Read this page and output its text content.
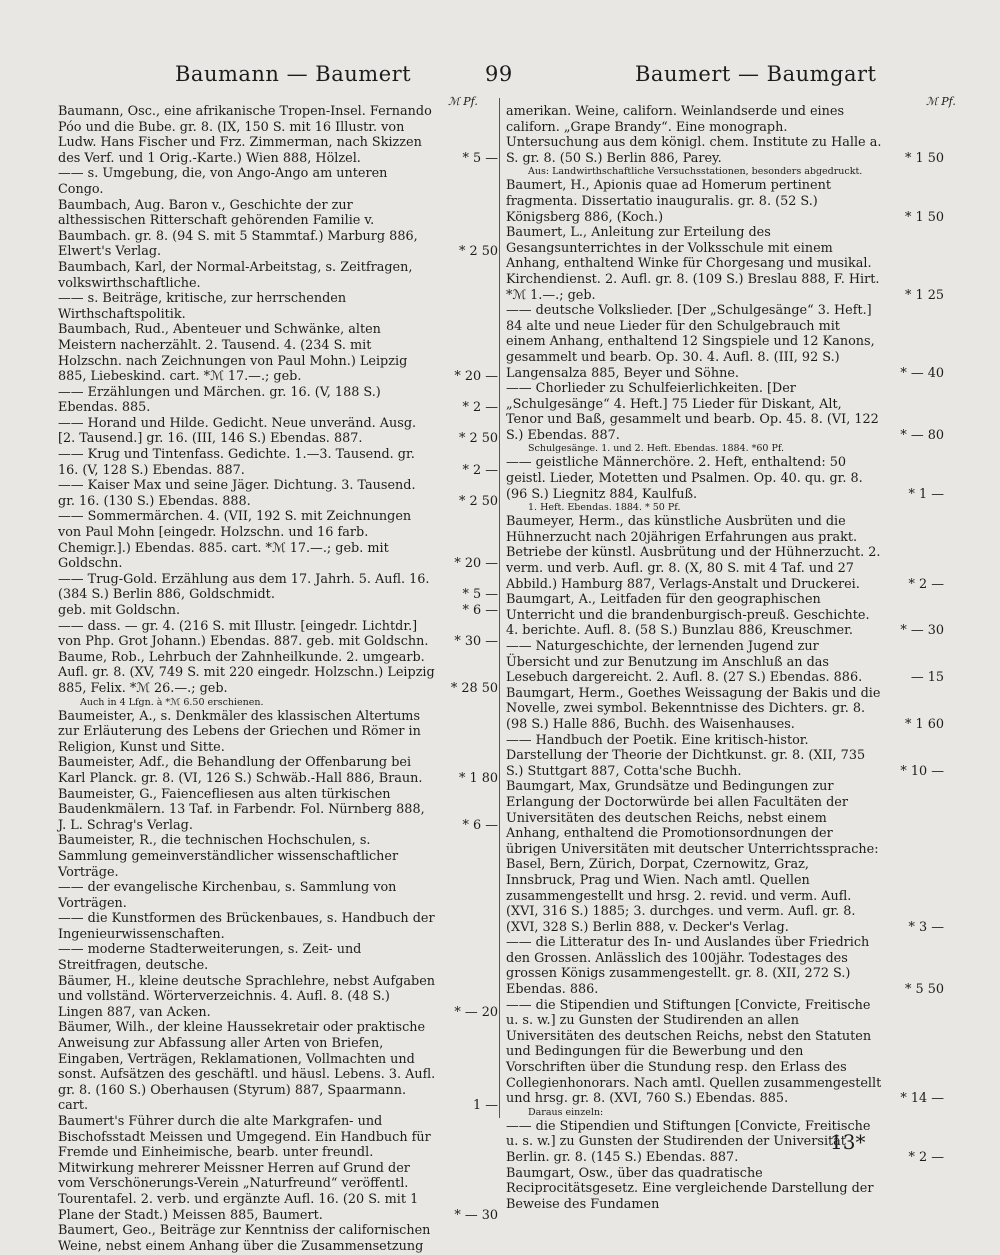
Baumann — Baumert	99	Baumert — Baumgart
ℳ Pf.	ℳ Pf.
Baumann, Osc., eine afrikanische Tropen-Insel. Fernando Póo und die Bube. gr. 8. (IX, 150 S. mit 16 Illustr. von Ludw. Hans Fischer und Frz. Zimmerman, nach Skizzen des Verf. und 1 Orig.-Karte.) Wien 888, Hölzel.	* 5 —
—— s. Umgebung, die, von Ango-Ango am unteren Congo.
Baumbach, Aug. Baron v., Geschichte der zur althessischen Ritterschaft gehörenden Familie v. Baumbach. gr. 8. (94 S. mit 5 Stammtaf.) Marburg 886, Elwert's Verlag.	* 2 50
Baumbach, Karl, der Normal-Arbeitstag, s. Zeitfragen, volkswirthschaftliche.
—— s. Beiträge, kritische, zur herrschenden Wirthschaftspolitik.
Baumbach, Rud., Abenteuer und Schwänke, alten Meistern nacherzählt. 2. Tausend. 4. (234 S. mit Holzschn. nach Zeichnungen von Paul Mohn.) Leipzig 885, Liebeskind. cart. *ℳ 17.—.; geb.	* 20 —
—— Erzählungen und Märchen. gr. 16. (V, 188 S.) Ebendas. 885.	* 2 —
—— Horand und Hilde. Gedicht. Neue unveränd. Ausg. [2. Tausend.] gr. 16. (III, 146 S.) Ebendas. 887.	* 2 50
—— Krug und Tintenfass. Gedichte. 1.—3. Tausend. gr. 16. (V, 128 S.) Ebendas. 887.	* 2 —
—— Kaiser Max und seine Jäger. Dichtung. 3. Tausend. gr. 16. (130 S.) Ebendas. 888.	* 2 50
—— Sommermärchen. 4. (VII, 192 S. mit Zeichnungen von Paul Mohn [eingedr. Holzschn. und 16 farb. Chemigr.].) Ebendas. 885. cart. *ℳ 17.—.; geb. mit Goldschn.	* 20 —
—— Trug-Gold. Erzählung aus dem 17. Jahrh. 5. Aufl. 16. (384 S.) Berlin 886, Goldschmidt.	* 5 —
geb. mit Goldschn.	* 6 —
—— dass. — gr. 4. (216 S. mit Illustr. [eingedr. Lichtdr.] von Php. Grot Johann.) Ebendas. 887. geb. mit Goldschn.	* 30 —
Baume, Rob., Lehrbuch der Zahnheilkunde. 2. umgearb. Aufl. gr. 8. (XV, 749 S. mit 220 eingedr. Holzschn.) Leipzig 885, Felix. *ℳ 26.—.; geb.	* 28 50

Auch in 4 Lfgn. à *ℳ 6.50 erschienen.

Baumeister, A., s. Denkmäler des klassischen Altertums zur Erläuterung des Lebens der Griechen und Römer in Religion, Kunst und Sitte.
Baumeister, Adf., die Behandlung der Offenbarung bei Karl Planck. gr. 8. (VI, 126 S.) Schwäb.-Hall 886, Braun.	* 1 80
Baumeister, G., Faiencefliesen aus alten türkischen Baudenkmälern. 13 Taf. in Farbendr. Fol. Nürnberg 888, J. L. Schrag's Verlag.	* 6 —
Baumeister, R., die technischen Hochschulen, s. Sammlung gemeinverständlicher wissenschaftlicher Vorträge.
—— der evangelische Kirchenbau, s. Sammlung von Vorträgen.
—— die Kunstformen des Brückenbaues, s. Handbuch der Ingenieurwissenschaften.
—— moderne Stadterweiterungen, s. Zeit- und Streitfragen, deutsche.
Bäumer, H., kleine deutsche Sprachlehre, nebst Aufgaben und vollständ. Wörterverzeichnis. 4. Aufl. 8. (48 S.) Lingen 887, van Acken.	* — 20
Bäumer, Wilh., der kleine Haussekretair oder praktische Anweisung zur Abfassung aller Arten von Briefen, Eingaben, Verträgen, Reklamationen, Vollmachten und sonst. Aufsätzen des geschäftl. und häusl. Lebens. 3. Aufl. gr. 8. (160 S.) Oberhausen (Styrum) 887, Spaarmann. cart.	1 —
Baumert's Führer durch die alte Markgrafen- und Bischofsstadt Meissen und Umgegend. Ein Handbuch für Fremde und Einheimische, bearb. unter freundl. Mitwirkung mehrerer Meissner Herren auf Grund der vom Verschönerungs-Verein „Naturfreund“ veröffentl. Tourentafel. 2. verb. und ergänzte Aufl. 16. (20 S. mit 1 Plane der Stadt.) Meissen 885, Baumert.	* — 30
Baumert, Geo., Beiträge zur Kenntniss der californischen Weine, nebst einem Anhang über die Zusammensetzung
amerikan. Weine, californ. Weinlandserde und eines californ. „Grape Brandy“. Eine monograph. Untersuchung aus dem königl. chem. Institute zu Halle a. S. gr. 8. (50 S.) Berlin 886, Parey.	* 1 50

Aus: Landwirthschaftliche Versuchsstationen, besonders abgedruckt.

Baumert, H., Apionis quae ad Homerum pertinent fragmenta. Dissertatio inauguralis. gr. 8. (52 S.) Königsberg 886, (Koch.)	* 1 50
Baumert, L., Anleitung zur Erteilung des Gesangsunterrichtes in der Volksschule mit einem Anhang, enthaltend Winke für Chorgesang und musikal. Kirchendienst. 2. Aufl. gr. 8. (109 S.) Breslau 888, F. Hirt. *ℳ 1.—.; geb.	* 1 25
—— deutsche Volkslieder. [Der „Schulgesänge“ 3. Heft.] 84 alte und neue Lieder für den Schulgebrauch mit einem Anhang, enthaltend 12 Singspiele und 12 Kanons, gesammelt und bearb. Op. 30. 4. Aufl. 8. (III, 92 S.) Langensalza 885, Beyer und Söhne.	* — 40
—— Chorlieder zu Schulfeierlichkeiten. [Der „Schulgesänge“ 4. Heft.] 75 Lieder für Diskant, Alt, Tenor und Baß, gesammelt und bearb. Op. 45. 8. (VI, 122 S.) Ebendas. 887.	* — 80

Schulgesänge. 1. und 2. Heft. Ebendas. 1884. *60 Pf.

—— geistliche Männerchöre. 2. Heft, enthaltend: 50 geistl. Lieder, Motetten und Psalmen. Op. 40. qu. gr. 8. (96 S.) Liegnitz 884, Kaulfuß.	* 1 —

1. Heft. Ebendas. 1884. * 50 Pf.

Baumeyer, Herm., das künstliche Ausbrüten und die Hühnerzucht nach 20jährigen Erfahrungen aus prakt. Betriebe der künstl. Ausbrütung und der Hühnerzucht. 2. verm. und verb. Aufl. gr. 8. (X, 80 S. mit 4 Taf. und 27 Abbild.) Hamburg 887, Verlags-Anstalt und Druckerei.	* 2 —
Baumgart, A., Leitfaden für den geographischen Unterricht und die brandenburgisch-preuß. Geschichte. 4. berichte. Aufl. 8. (58 S.) Bunzlau 886, Kreuschmer.	* — 30
—— Naturgeschichte, der lernenden Jugend zur Übersicht und zur Benutzung im Anschluß an das Lesebuch dargereicht. 2. Aufl. 8. (27 S.) Ebendas. 886.	— 15
Baumgart, Herm., Goethes Weissagung der Bakis und die Novelle, zwei symbol. Bekenntnisse des Dichters. gr. 8. (98 S.) Halle 886, Buchh. des Waisenhauses.	* 1 60
—— Handbuch der Poetik. Eine kritisch-histor. Darstellung der Theorie der Dichtkunst. gr. 8. (XII, 735 S.) Stuttgart 887, Cotta'sche Buchh.	* 10 —
Baumgart, Max, Grundsätze und Bedingungen zur Erlangung der Doctorwürde bei allen Facultäten der Universitäten des deutschen Reichs, nebst einem Anhang, enthaltend die Promotionsordnungen der übrigen Universitäten mit deutscher Unterrichtssprache: Basel, Bern, Zürich, Dorpat, Czernowitz, Graz, Innsbruck, Prag und Wien. Nach amtl. Quellen zusammengestellt und hrsg. 2. revid. und verm. Aufl. (XVI, 316 S.) 1885; 3. durchges. und verm. Aufl. gr. 8. (XVI, 328 S.) Berlin 888, v. Decker's Verlag.	* 3 —
—— die Litteratur des In- und Auslandes über Friedrich den Grossen. Anlässlich des 100jähr. Todestages des grossen Königs zusammengestellt. gr. 8. (XII, 272 S.) Ebendas. 886.	* 5 50
—— die Stipendien und Stiftungen [Convicte, Freitische u. s. w.] zu Gunsten der Studirenden an allen Universitäten des deutschen Reichs, nebst den Statuten und Bedingungen für die Bewerbung und den Vorschriften über die Stundung resp. den Erlass des Collegienhonorars. Nach amtl. Quellen zusammengestellt und hrsg. gr. 8. (XVI, 760 S.) Ebendas. 885.	* 14 —

Daraus einzeln:

—— die Stipendien und Stiftungen [Convicte, Freitische u. s. w.] zu Gunsten der Studirenden der Universität Berlin. gr. 8. (145 S.) Ebendas. 887.	* 2 —
Baumgart, Osw., über das quadratische Reciprocitätsgesetz. Eine vergleichende Darstellung der Beweise des Fundamen
13*
